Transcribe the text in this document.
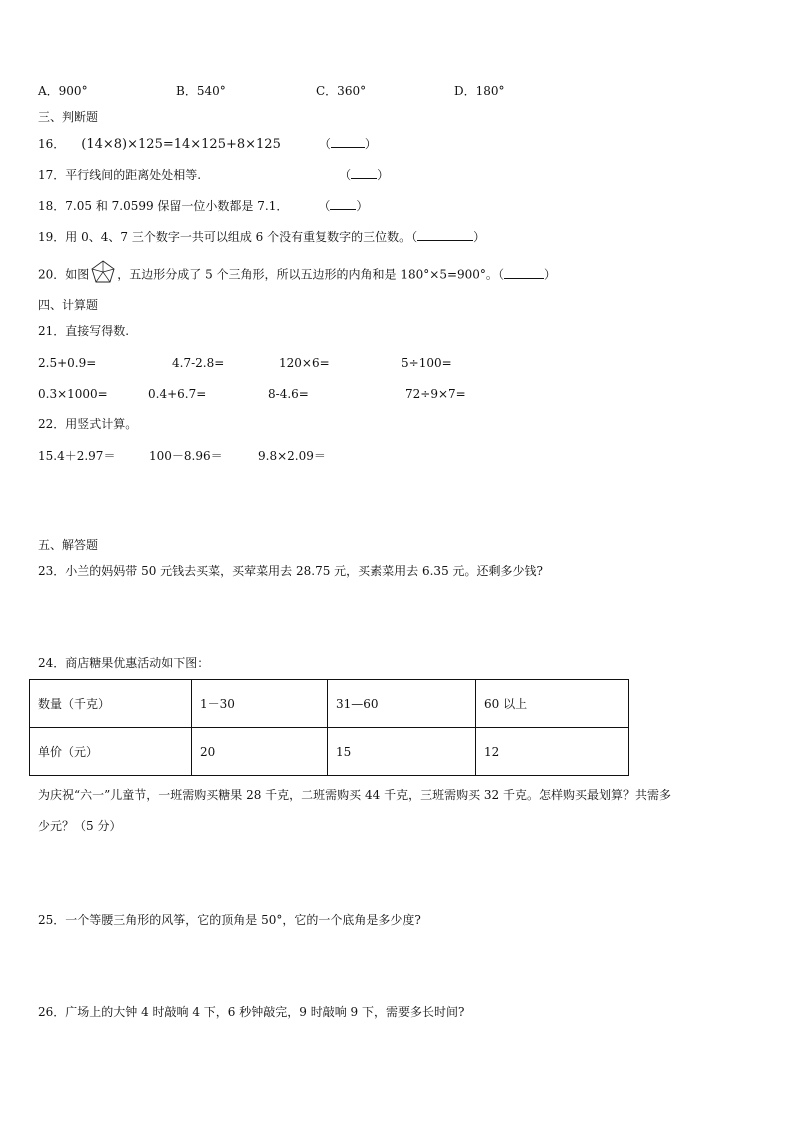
A．900°	B．540°	C．360°	D．180°
三、判断题
16． (14×8)×125=14×125+8×125	（	）
17．平行线间的距离处处相等.	（ ）
18．7.05 和 7.0599 保留一位小数都是 7.1．	（ ）
19．用 0、4、7 三个数字一共可以组成 6 个没有重复数字的三位数。（	）
20．如图 ，五边形分成了 5 个三角形，所以五边形的内角和是 180°×5=900°。（	）
四、计算题
21．直接写得数.
2.5+0.9=	4.7-2.8=	120×6=	5÷100=
0.3×1000=	0.4+6.7=	8-4.6=	72÷9×7=
22．用竖式计算。
15.4＋2.97＝	100－8.96＝	9.8×2.09＝
五、解答题
23．小兰的妈妈带 50 元钱去买菜，买荤菜用去 28.75 元，买素菜用去 6.35 元。还剩多少钱?
24．商店糖果优惠活动如下图：
数量（千克）	1－30	31—60	60 以上
单价（元）	20	15	12
为庆祝“六一”儿童节，一班需购买糖果 28 千克，二班需购买 44 千克，三班需购买 32 千克。怎样购买最划算？共需多
少元？（5 分）
25．一个等腰三角形的风筝，它的顶角是 50°，它的一个底角是多少度?
26．广场上的大钟 4 时敲响 4 下，6 秒钟敲完，9 时敲响 9 下，需要多长时间?
